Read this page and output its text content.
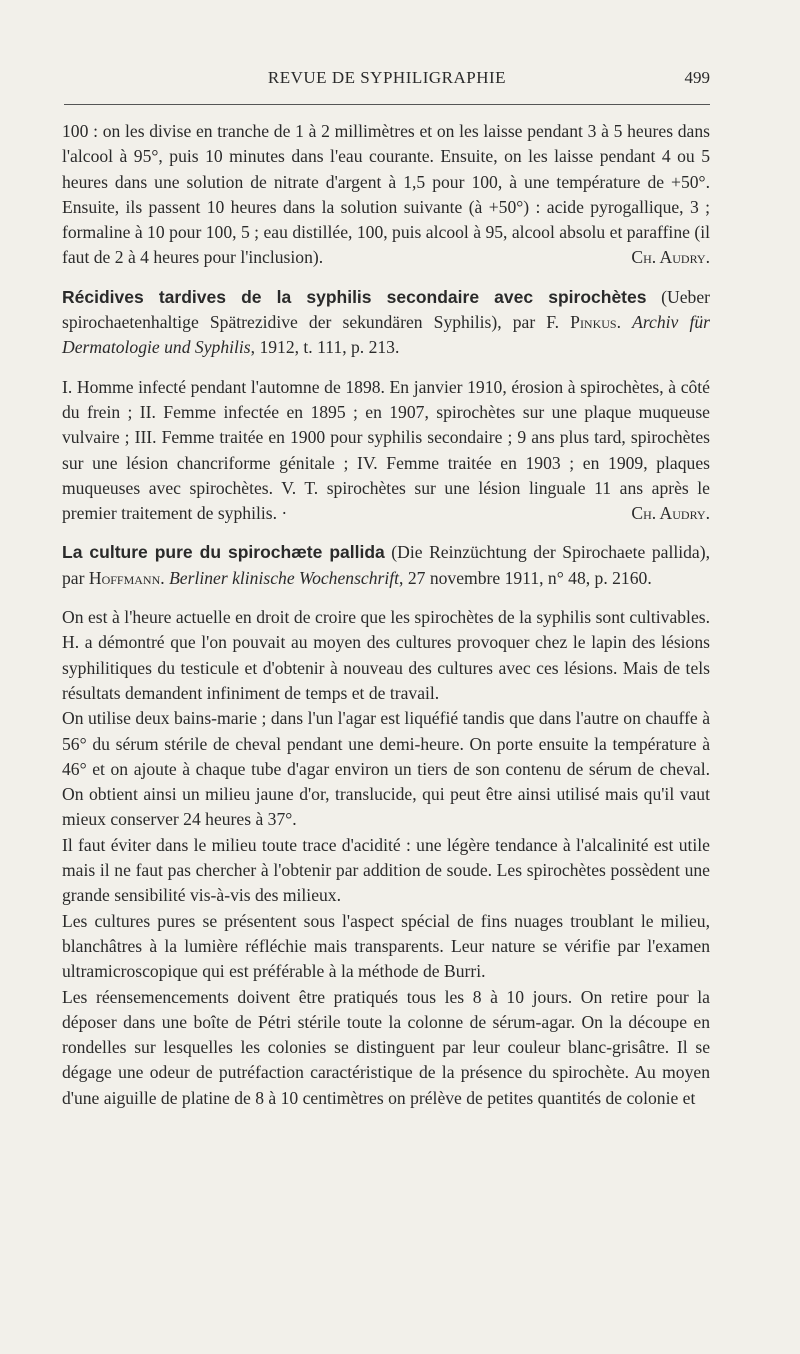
REVUE DE SYPHILIGRAPHIE	499

100 : on les divise en tranche de 1 à 2 millimètres et on les laisse pendant 3 à 5 heures dans l'alcool à 95°, puis 10 minutes dans l'eau courante. Ensuite, on les laisse pendant 4 ou 5 heures dans une solution de nitrate d'argent à 1,5 pour 100, à une température de +50°. Ensuite, ils passent 10 heures dans la solution suivante (à +50°) : acide pyrogallique, 3 ; formaline à 10 pour 100, 5 ; eau distillée, 100, puis alcool à 95, alcool absolu et paraffine (il faut de 2 à 4 heures pour l'inclusion).	Ch. Audry.

Récidives tardives de la syphilis secondaire avec spirochètes (Ueber spirochaetenhaltige Spätrezidive der sekundären Syphilis), par F. Pinkus. Archiv für Dermatologie und Syphilis, 1912, t. 111, p. 213.

I. Homme infecté pendant l'automne de 1898. En janvier 1910, érosion à spirochètes, à côté du frein ; II. Femme infectée en 1895 ; en 1907, spirochètes sur une plaque muqueuse vulvaire ; III. Femme traitée en 1900 pour syphilis secondaire ; 9 ans plus tard, spirochètes sur une lésion chancriforme génitale ; IV. Femme traitée en 1903 ; en 1909, plaques muqueuses avec spirochètes. V. T. spirochètes sur une lésion linguale 11 ans après le premier traitement de syphilis. ·	Ch. Audry.

La culture pure du spirochæte pallida (Die Reinzüchtung der Spirochaete pallida), par Hoffmann. Berliner klinische Wochenschrift, 27 novembre 1911, n° 48, p. 2160.

On est à l'heure actuelle en droit de croire que les spirochètes de la syphilis sont cultivables. H. a démontré que l'on pouvait au moyen des cultures provoquer chez le lapin des lésions syphilitiques du testicule et d'obtenir à nouveau des cultures avec ces lésions. Mais de tels résultats demandent infiniment de temps et de travail.

On utilise deux bains-marie ; dans l'un l'agar est liquéfié tandis que dans l'autre on chauffe à 56° du sérum stérile de cheval pendant une demi-heure. On porte ensuite la température à 46° et on ajoute à chaque tube d'agar environ un tiers de son contenu de sérum de cheval. On obtient ainsi un milieu jaune d'or, translucide, qui peut être ainsi utilisé mais qu'il vaut mieux conserver 24 heures à 37°.

Il faut éviter dans le milieu toute trace d'acidité : une légère tendance à l'alcalinité est utile mais il ne faut pas chercher à l'obtenir par addition de soude. Les spirochètes possèdent une grande sensibilité vis-à-vis des milieux.

Les cultures pures se présentent sous l'aspect spécial de fins nuages troublant le milieu, blanchâtres à la lumière réfléchie mais transparents. Leur nature se vérifie par l'examen ultramicroscopique qui est préférable à la méthode de Burri.

Les réensemencements doivent être pratiqués tous les 8 à 10 jours. On retire pour la déposer dans une boîte de Pétri stérile toute la colonne de sérum-agar. On la découpe en rondelles sur lesquelles les colonies se distinguent par leur couleur blanc-grisâtre. Il se dégage une odeur de putréfaction caractéristique de la présence du spirochète. Au moyen d'une aiguille de platine de 8 à 10 centimètres on prélève de petites quantités de colonie et
